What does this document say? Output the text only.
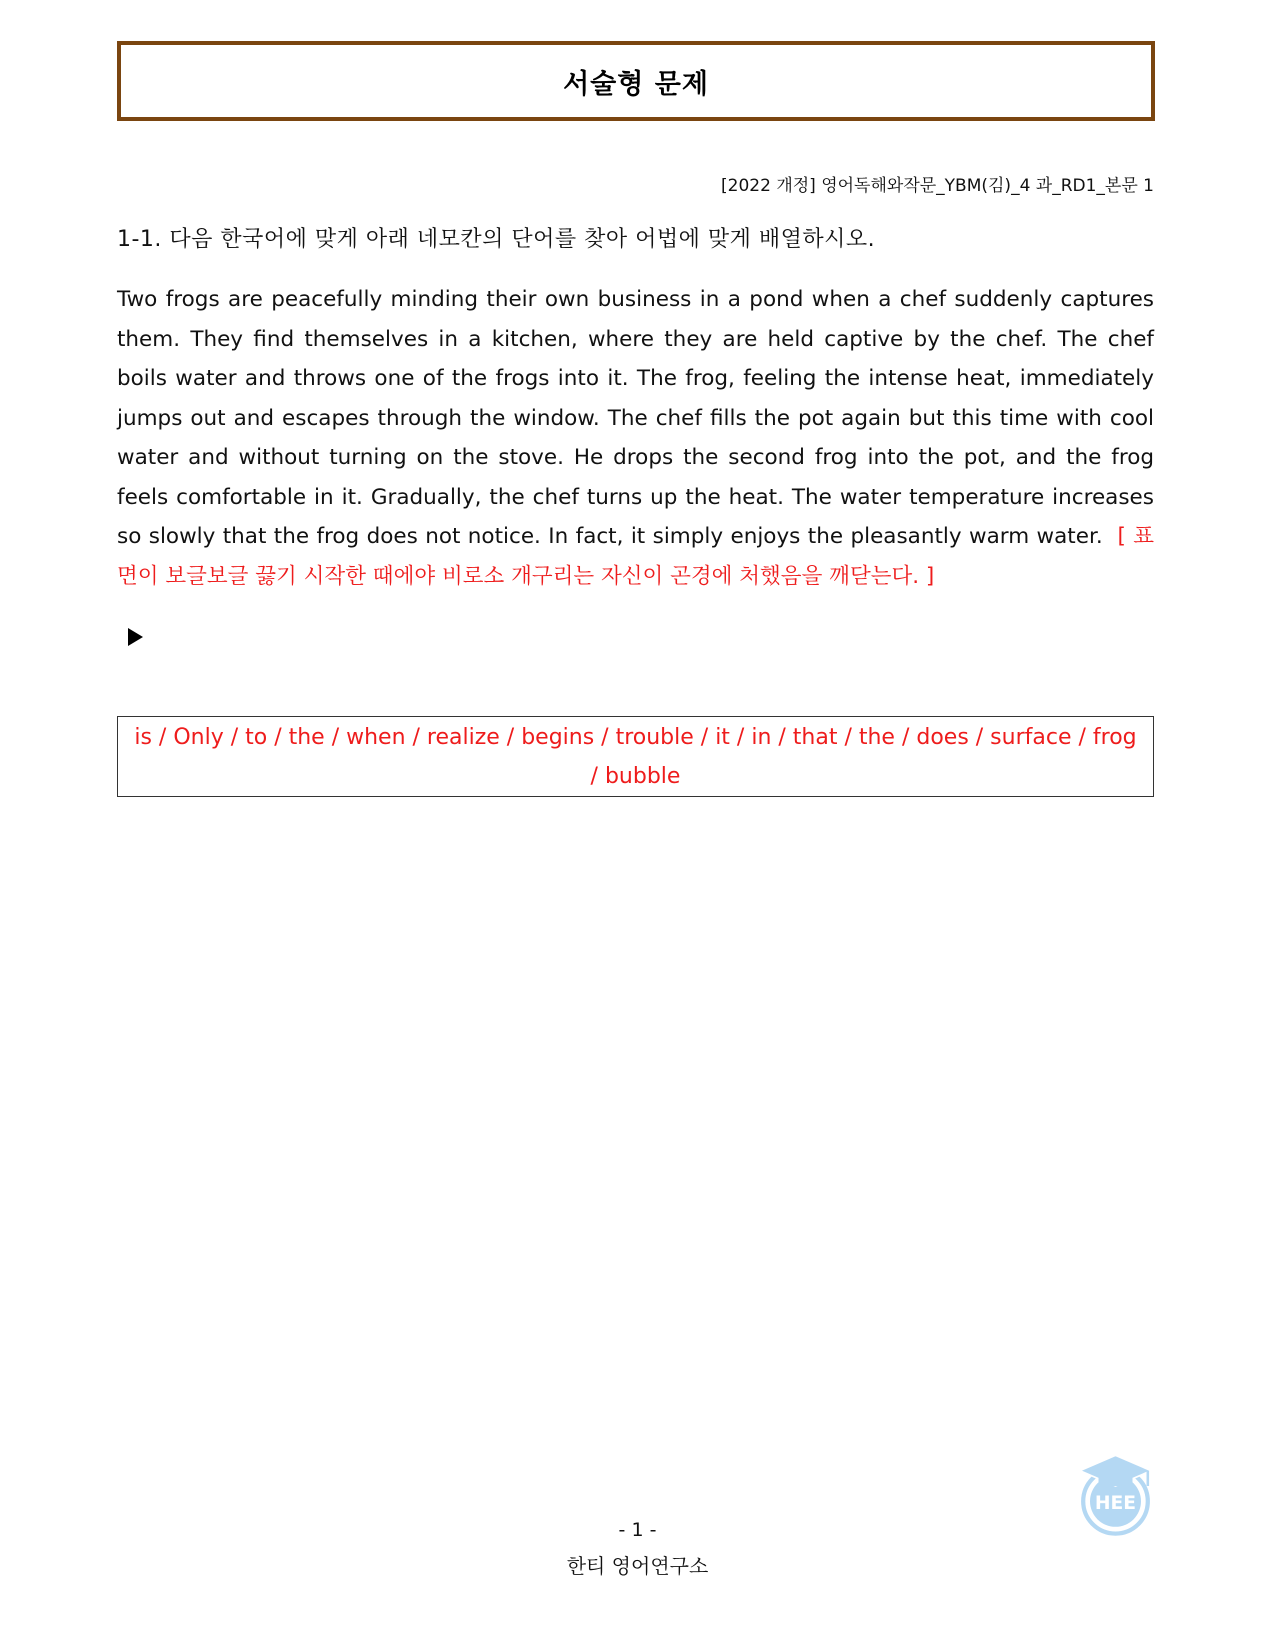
서술형 문제
[2022 개정] 영어독해와작문_YBM(김)_4 과_RD1_본문 1
1-1. 다음 한국어에 맞게 아래 네모칸의 단어를 찾아 어법에 맞게 배열하시오.
Two frogs are peacefully minding their own business in a pond when a chef suddenly captures them. They find themselves in a kitchen, where they are held captive by the chef. The chef boils water and throws one of the frogs into it. The frog, feeling the intense heat, immediately jumps out and escapes through the window. The chef fills the pot again but this time with cool water and without turning on the stove. He drops the second frog into the pot, and the frog feels comfortable in it. Gradually, the chef turns up the heat. The water temperature increases so slowly that the frog does not notice. In fact, it simply enjoys the pleasantly warm water. [ 표면이 보글보글 끓기 시작한 때에야 비로소 개구리는 자신이 곤경에 처했음을 깨닫는다. ]
is / Only / to / the / when / realize / begins / trouble / it / in / that / the / does / surface / frog / bubble
- 1 -
한티 영어연구소
HEE
